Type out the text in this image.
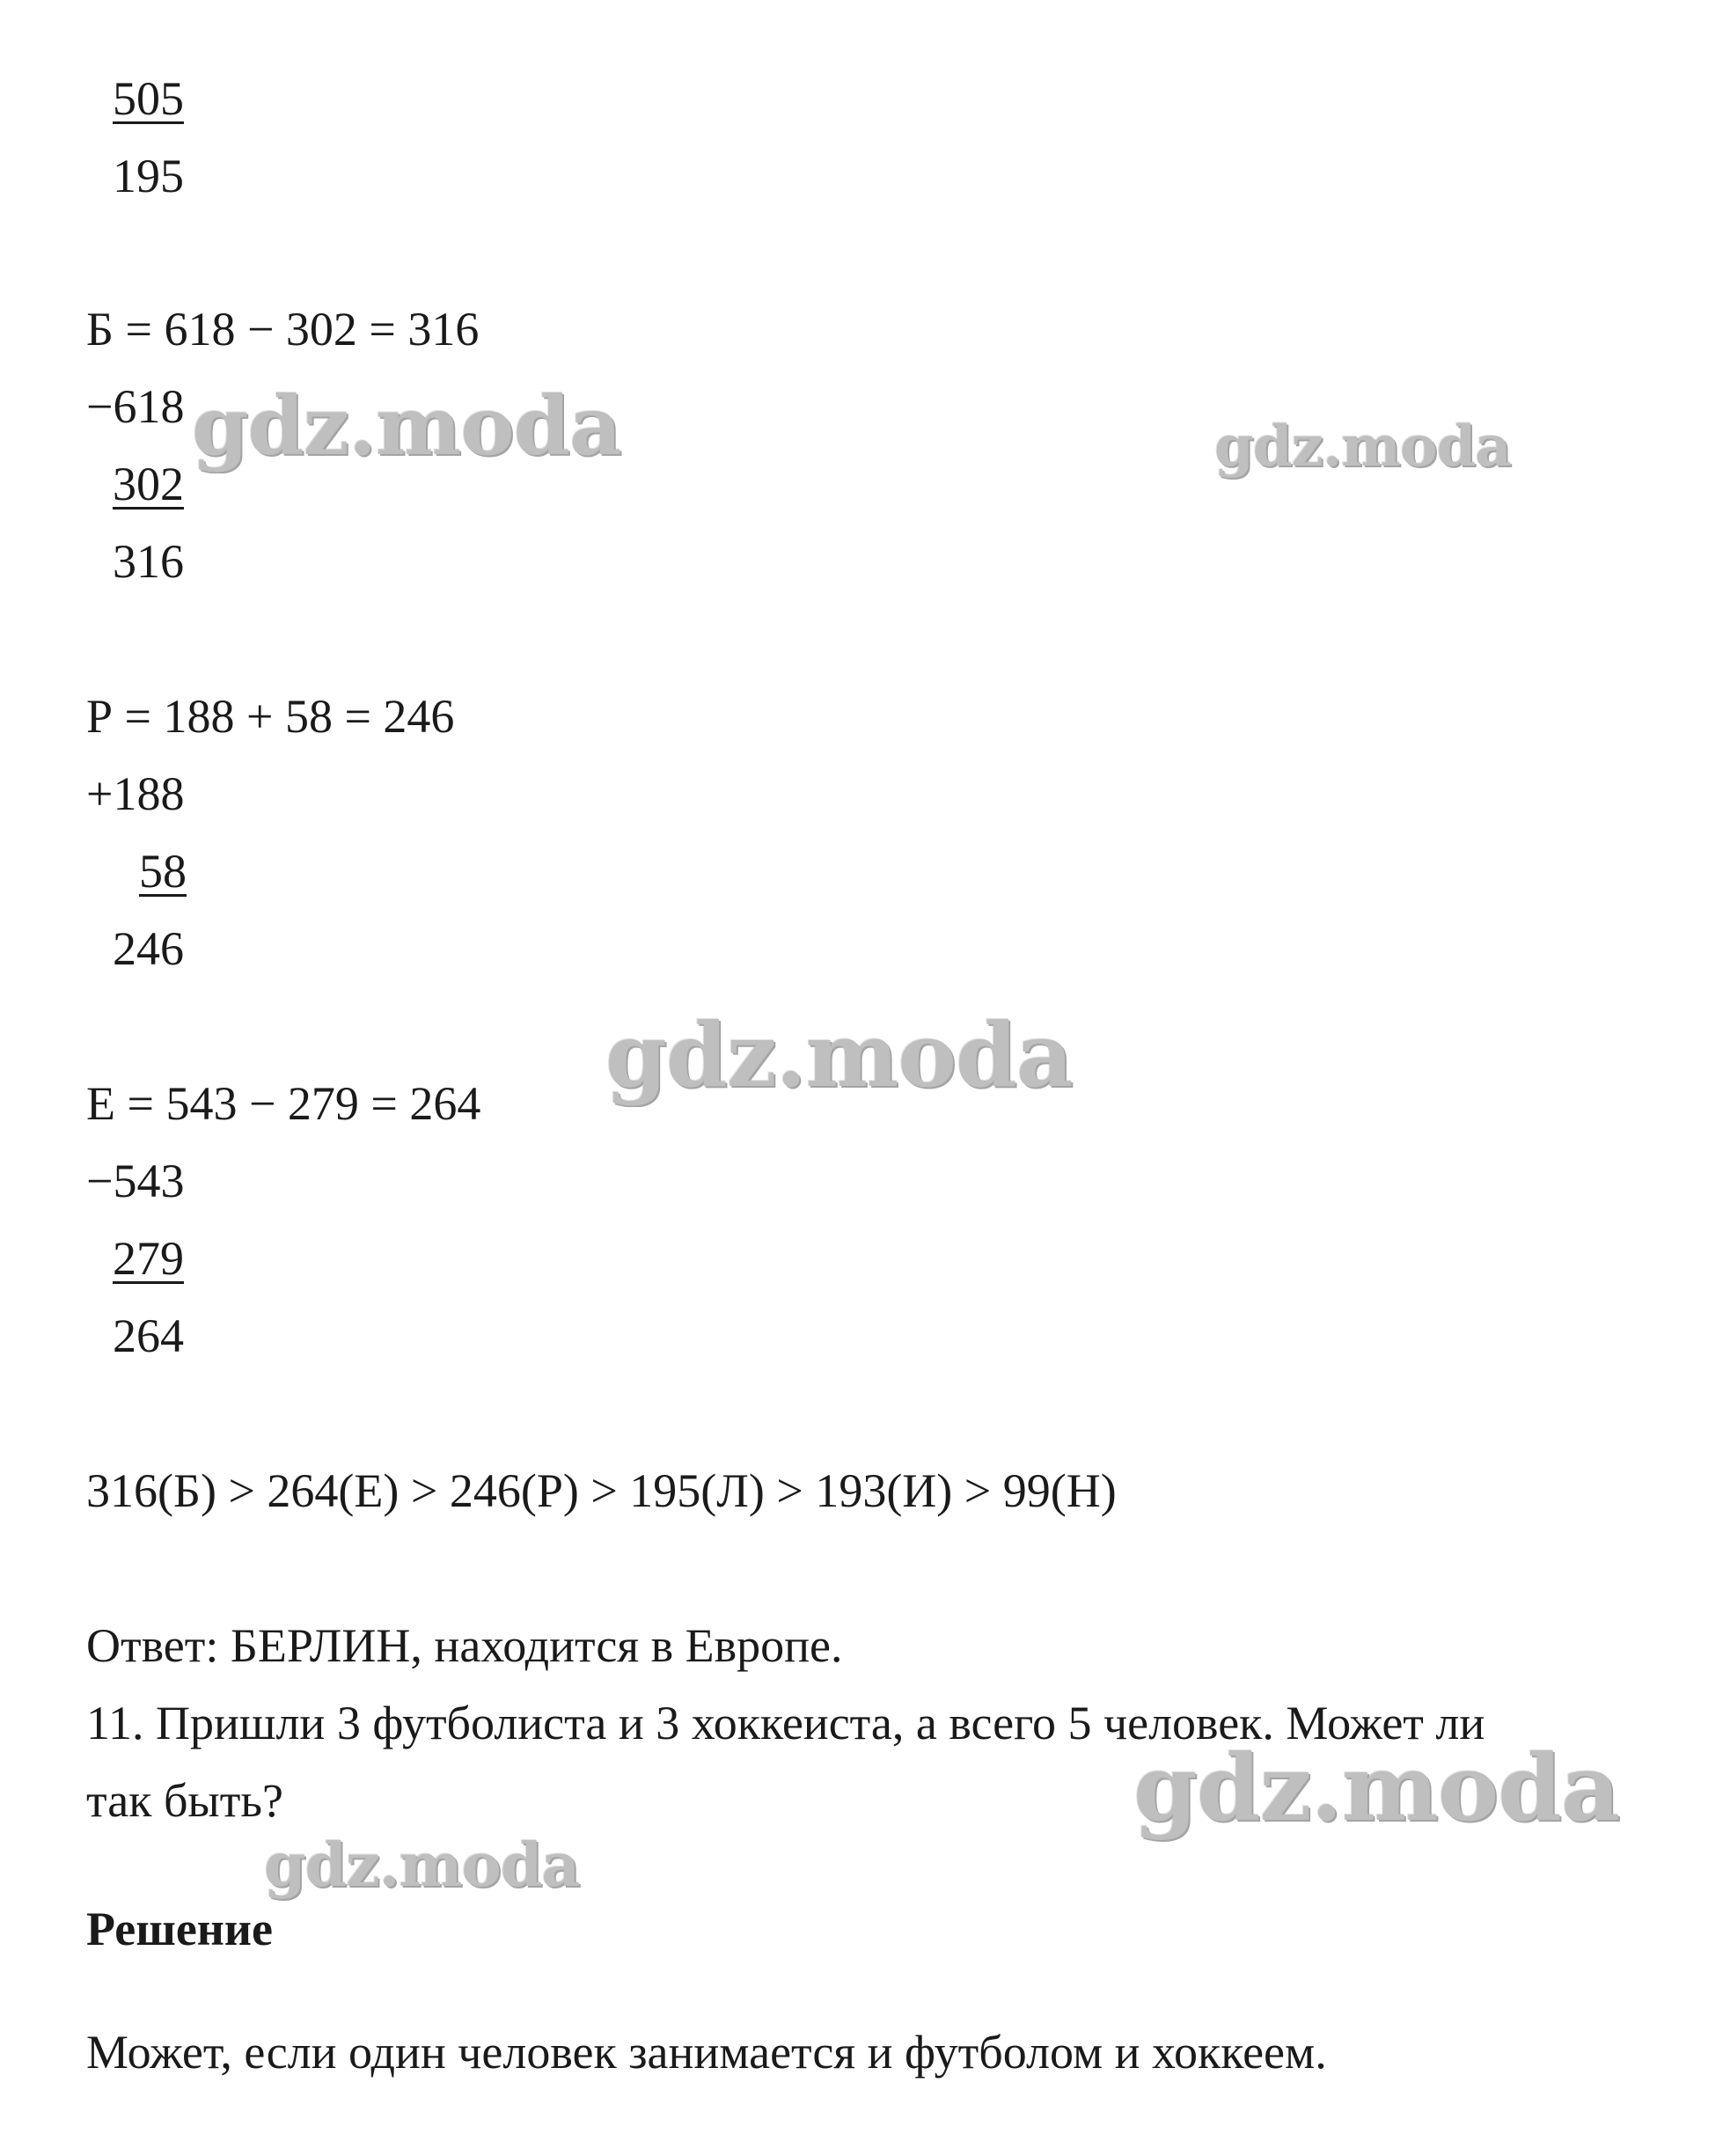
505
195
Б = 618 − 302 = 316
−618
302
316
Р = 188 + 58 = 246
+188
58
246
Е = 543 − 279 = 264
−543
279
264
316(Б) > 264(Е) > 246(Р) > 195(Л) > 193(И) > 99(Н)
Ответ: БЕРЛИН, находится в Европе.
11. Пришли 3 футболиста и 3 хоккеиста, а всего 5 человек. Может ли
так быть?
Решение
Может, если один человек занимается и футболом и хоккеем.
gdz.moda	gdz.moda
gdz.moda
gdz.moda
gdz.moda
